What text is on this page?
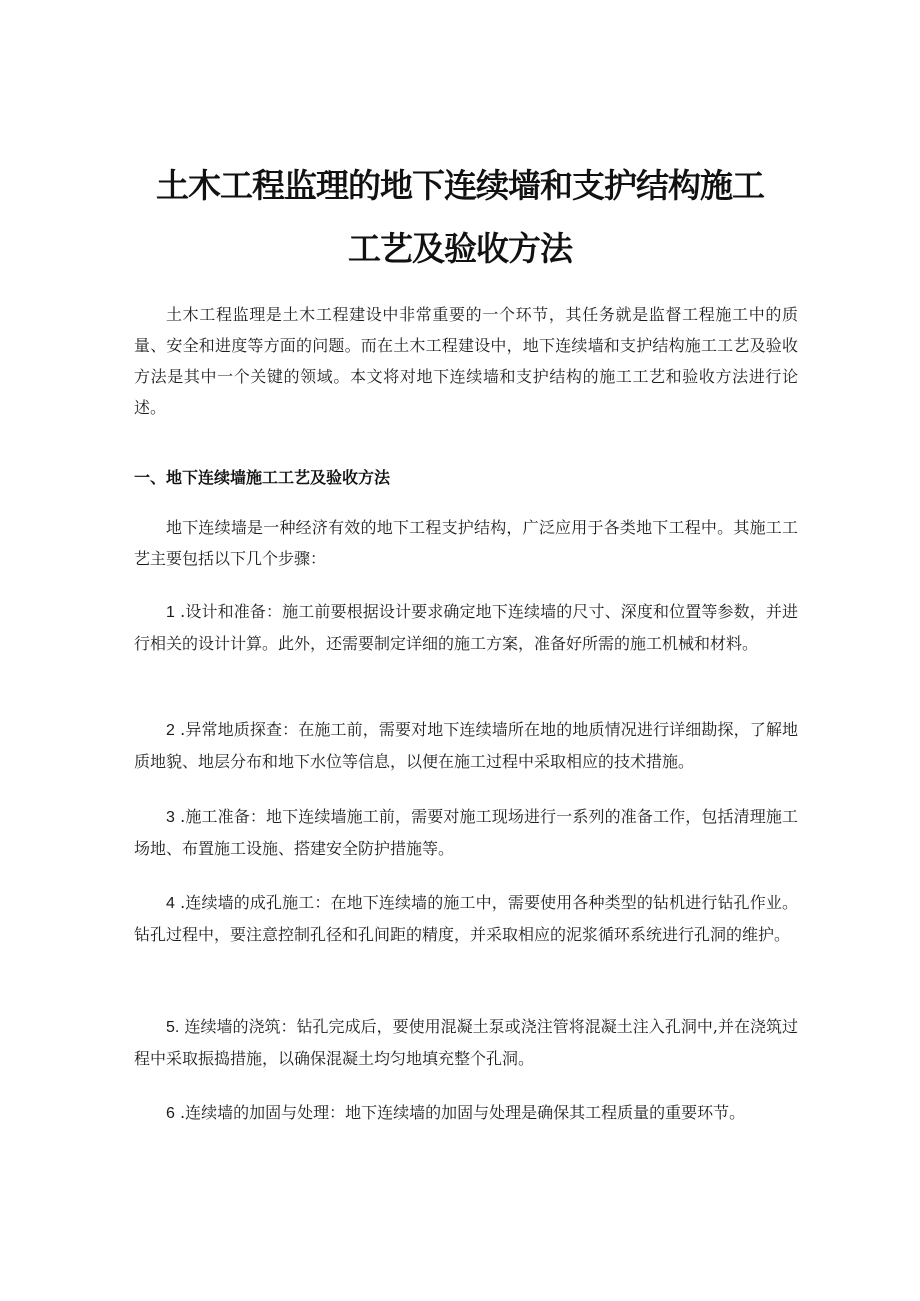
土木工程监理的地下连续墙和支护结构施工
工艺及验收方法

土木工程监理是土木工程建设中非常重要的一个环节，其任务就是监督工程施工中的质量、安全和进度等方面的问题。而在土木工程建设中，地下连续墙和支护结构施工工艺及验收方法是其中一个关键的领域。本文将对地下连续墙和支护结构的施工工艺和验收方法进行论述。

一、地下连续墙施工工艺及验收方法

地下连续墙是一种经济有效的地下工程支护结构，广泛应用于各类地下工程中。其施工工艺主要包括以下几个步骤：

1 .设计和准备：施工前要根据设计要求确定地下连续墙的尺寸、深度和位置等参数，并进行相关的设计计算。此外，还需要制定详细的施工方案，准备好所需的施工机械和材料。

2 .异常地质探查：在施工前，需要对地下连续墙所在地的地质情况进行详细勘探，了解地质地貌、地层分布和地下水位等信息，以便在施工过程中采取相应的技术措施。

3 .施工准备：地下连续墙施工前，需要对施工现场进行一系列的准备工作，包括清理施工场地、布置施工设施、搭建安全防护措施等。

4 .连续墙的成孔施工：在地下连续墙的施工中，需要使用各种类型的钻机进行钻孔作业。钻孔过程中，要注意控制孔径和孔间距的精度，并采取相应的泥浆循环系统进行孔洞的维护。

5. 连续墙的浇筑：钻孔完成后，要使用混凝土泵或浇注管将混凝土注入孔洞中,并在浇筑过程中采取振捣措施，以确保混凝土均匀地填充整个孔洞。

6 .连续墙的加固与处理：地下连续墙的加固与处理是确保其工程质量的重要环节。
